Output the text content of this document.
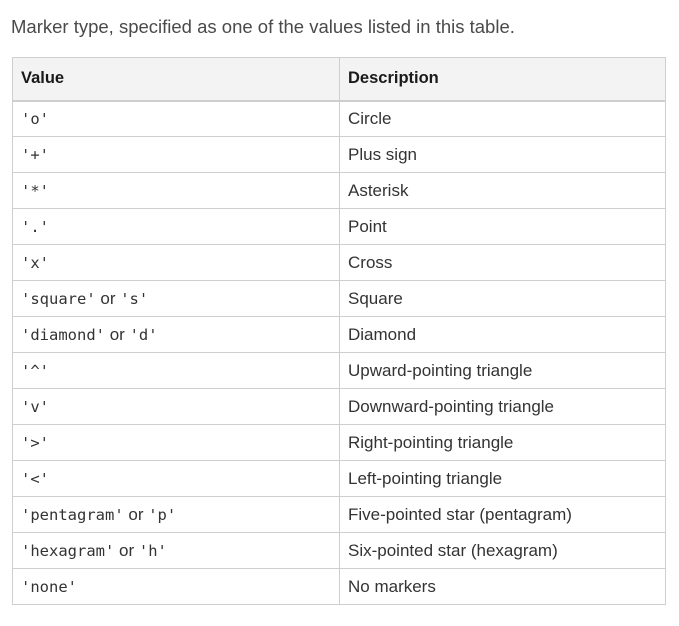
Marker type, specified as one of the values listed in this table.
Value	Description
'o'	Circle
'+'	Plus sign
'*'	Asterisk
'.'	Point
'x'	Cross
'square' or 's'	Square
'diamond' or 'd'	Diamond
'^'	Upward-pointing triangle
'v'	Downward-pointing triangle
'>'	Right-pointing triangle
'<'	Left-pointing triangle
'pentagram' or 'p'	Five-pointed star (pentagram)
'hexagram' or 'h'	Six-pointed star (hexagram)
'none'	No markers
